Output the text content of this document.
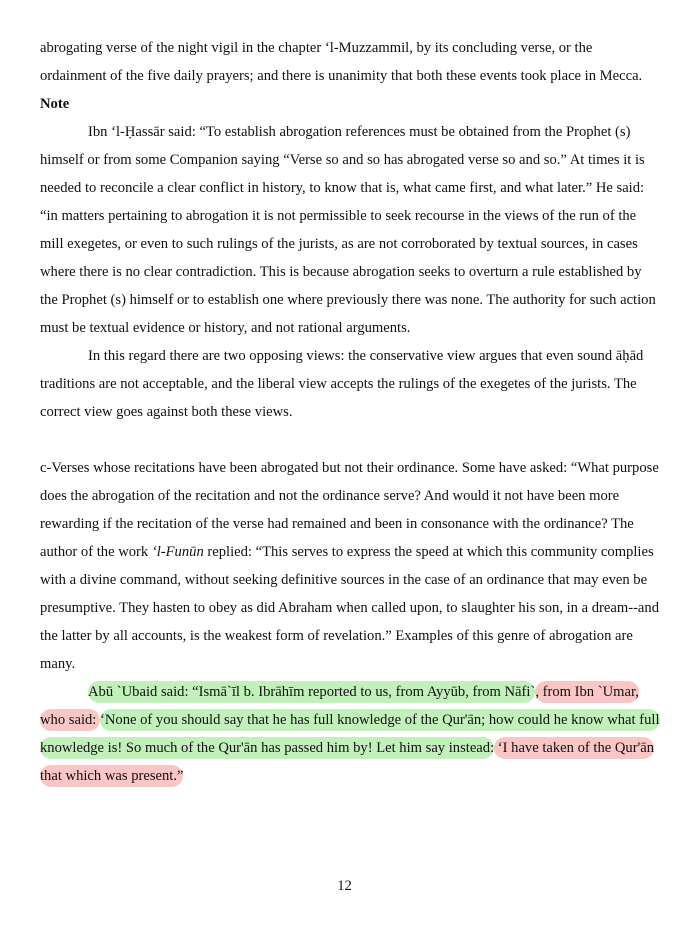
abrogating verse of the night vigil in the chapter ‘l-Muzzammil, by its concluding verse, or the ordainment of the five daily prayers; and there is unanimity that both these events took place in Mecca.

Note

Ibn ‘l-Ḥassār said: “To establish abrogation references must be obtained from the Prophet (s) himself or from some Companion saying “Verse so and so has abrogated verse so and so.” At times it is needed to reconcile a clear conflict in history, to know that is, what came first, and what later.” He said: “in matters pertaining to abrogation it is not permissible to seek recourse in the views of the run of the mill exegetes, or even to such rulings of the jurists, as are not corroborated by textual sources, in cases where there is no clear contradiction. This is because abrogation seeks to overturn a rule established by the Prophet (s) himself or to establish one where previously there was none. The authority for such action must be textual evidence or history, and not rational arguments.

In this regard there are two opposing views: the conservative view argues that even sound āḥād traditions are not acceptable, and the liberal view accepts the rulings of the exegetes of the jurists. The correct view goes against both these views.

c-Verses whose recitations have been abrogated but not their ordinance. Some have asked: “What purpose does the abrogation of the recitation and not the ordinance serve? And would it not have been more rewarding if the recitation of the verse had remained and been in consonance with the ordinance? The author of the work ‘l-Funūn replied: “This serves to express the speed at which this community complies with a divine command, without seeking definitive sources in the case of an ordinance that may even be presumptive. They hasten to obey as did Abraham when called upon, to slaughter his son, in a dream--and the latter by all accounts, is the weakest form of revelation.” Examples of this genre of abrogation are many.

Abū `Ubaid said: “Ismā`īl b. Ibrāhīm reported to us, from Ayyūb, from Nāfi`, from Ibn `Umar, who said: ‘None of you should say that he has full knowledge of the Qur'ān; how could he know what full knowledge is! So much of the Qur'ān has passed him by! Let him say instead: ‘I have taken of the Qur'ān that which was present.”

12
